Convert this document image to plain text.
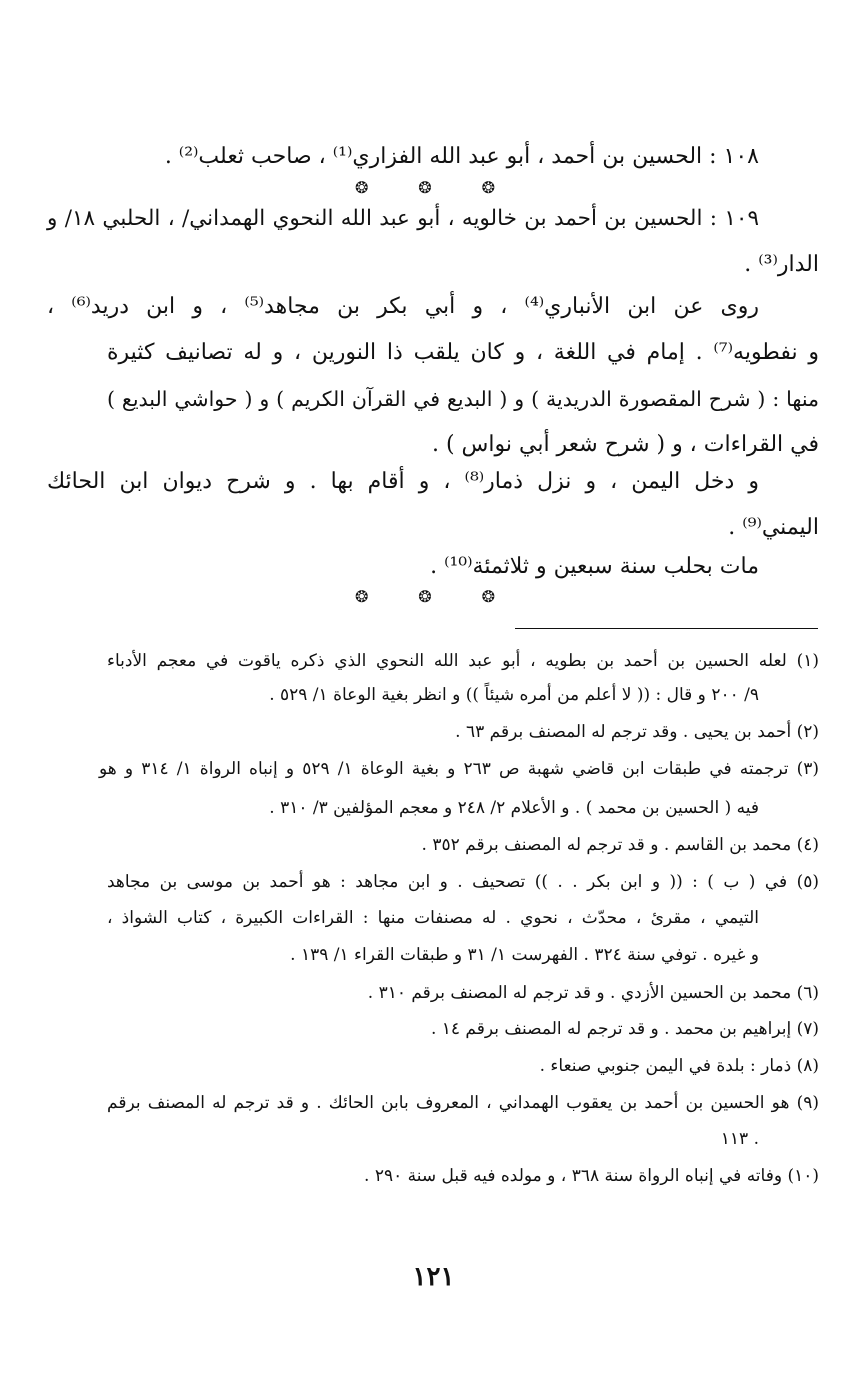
١٠٨ : الحسين بن أحمد ، أبو عبد الله الفزاري⁽¹⁾ ، صاحب ثعلب⁽²⁾ .
❂	❂	❂
١٠٩ : الحسين بن أحمد بن خالويه ، أبو عبد الله النحوي الهمداني/ ، الحلبي ١٨/ و
الدار⁽³⁾ .
روى عن ابن الأنباري⁽⁴⁾ ، و أبي بكر بن مجاهد⁽⁵⁾ ، و ابن دريد⁽⁶⁾ ،
و نفطويه⁽⁷⁾ . إمام في اللغة ، و كان يلقب ذا النورين ، و له تصانيف كثيرة
منها : ( شرح المقصورة الدريدية ) و ( البديع في القرآن الكريم ) و ( حواشي البديع )
في القراءات ، و ( شرح شعر أبي نواس ) .
و دخل اليمن ، و نزل ذمار⁽⁸⁾ ، و أقام بها . و شرح ديوان ابن الحائك
اليمني⁽⁹⁾ .
مات بحلب سنة سبعين و ثلاثمئة⁽¹⁰⁾ .
❂	❂	❂
(١) لعله الحسين بن أحمد بن بطويه ، أبو عبد الله النحوي الذي ذكره ياقوت في معجم الأدباء
٩/ ٢٠٠ و قال : (( لا أعلم من أمره شيئاً )) و انظر بغية الوعاة ١/ ٥٢٩ .
(٢) أحمد بن يحيى . وقد ترجم له المصنف برقم ٦٣ .
(٣) ترجمته في طبقات ابن قاضي شهبة ص ٢٦٣ و بغية الوعاة ١/ ٥٢٩ و إنباه الرواة ١/ ٣١٤ و هو
فيه ( الحسين بن محمد ) . و الأعلام ٢/ ٢٤٨ و معجم المؤلفين ٣/ ٣١٠ .
(٤) محمد بن القاسم . و قد ترجم له المصنف برقم ٣٥٢ .
(٥) في ( ب ) : (( و ابن بكر . . )) تصحيف . و ابن مجاهد : هو أحمد بن موسى بن مجاهد
التيمي ، مقرئ ، محدّث ، نحوي . له مصنفات منها : القراءات الكبيرة ، كتاب الشواذ ،
و غيره . توفي سنة ٣٢٤ . الفهرست ١/ ٣١ و طبقات القراء ١/ ١٣٩ .
(٦) محمد بن الحسين الأزدي . و قد ترجم له المصنف برقم ٣١٠ .
(٧) إبراهيم بن محمد . و قد ترجم له المصنف برقم ١٤ .
(٨) ذمار : بلدة في اليمن جنوبي صنعاء .
(٩) هو الحسين بن أحمد بن يعقوب الهمداني ، المعروف بابن الحائك . و قد ترجم له المصنف برقم
١١٣ .
(١٠) وفاته في إنباه الرواة سنة ٣٦٨ ، و مولده فيه قبل سنة ٢٩٠ .
١٢١
